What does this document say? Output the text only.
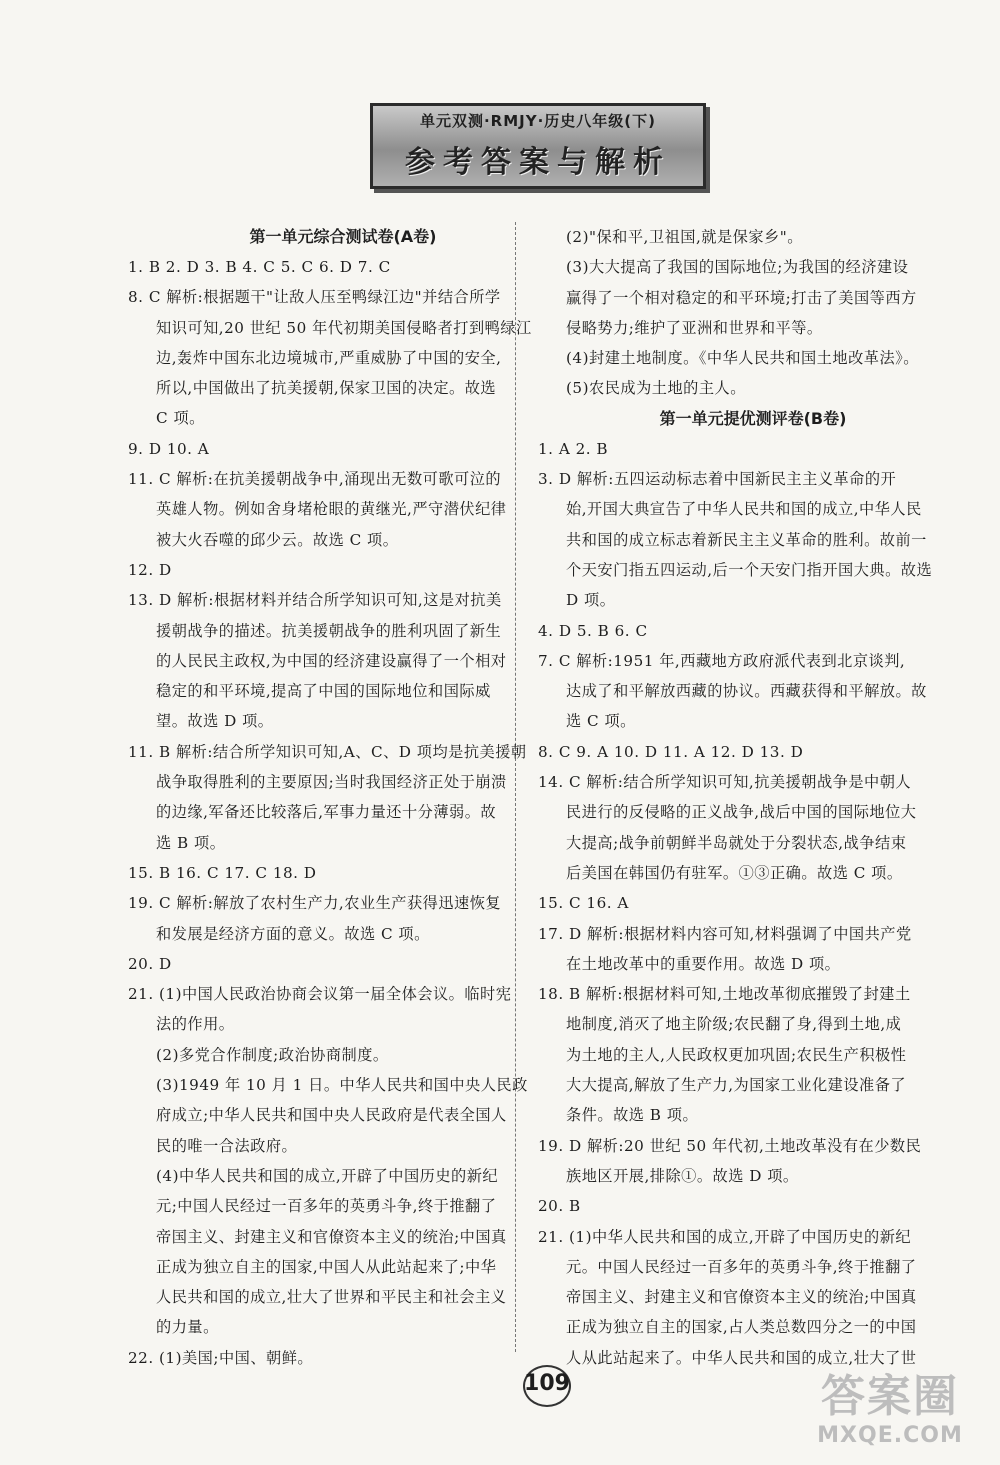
单元双测·RMJY·历史八年级(下)
参考答案与解析
第一单元综合测试卷(A卷)
1. B 2. D 3. B 4. C 5. C 6. D 7. C
8. C 解析:根据题干"让敌人压至鸭绿江边"并结合所学
知识可知,20 世纪 50 年代初期美国侵略者打到鸭绿江
边,轰炸中国东北边境城市,严重威胁了中国的安全,
所以,中国做出了抗美援朝,保家卫国的决定。故选
C 项。
9. D 10. A
11. C 解析:在抗美援朝战争中,涌现出无数可歌可泣的
英雄人物。例如舍身堵枪眼的黄继光,严守潜伏纪律
被大火吞噬的邱少云。故选 C 项。
12. D
13. D 解析:根据材料并结合所学知识可知,这是对抗美
援朝战争的描述。抗美援朝战争的胜利巩固了新生
的人民民主政权,为中国的经济建设赢得了一个相对
稳定的和平环境,提高了中国的国际地位和国际威
望。故选 D 项。
11. B 解析:结合所学知识可知,A、C、D 项均是抗美援朝
战争取得胜利的主要原因;当时我国经济正处于崩溃
的边缘,军备还比较落后,军事力量还十分薄弱。故
选 B 项。
15. B 16. C 17. C 18. D
19. C 解析:解放了农村生产力,农业生产获得迅速恢复
和发展是经济方面的意义。故选 C 项。
20. D
21. (1)中国人民政治协商会议第一届全体会议。临时宪
法的作用。
(2)多党合作制度;政治协商制度。
(3)1949 年 10 月 1 日。中华人民共和国中央人民政
府成立;中华人民共和国中央人民政府是代表全国人
民的唯一合法政府。
(4)中华人民共和国的成立,开辟了中国历史的新纪
元;中国人民经过一百多年的英勇斗争,终于推翻了
帝国主义、封建主义和官僚资本主义的统治;中国真
正成为独立自主的国家,中国人从此站起来了;中华
人民共和国的成立,壮大了世界和平民主和社会主义
的力量。
22. (1)美国;中国、朝鲜。
(2)"保和平,卫祖国,就是保家乡"。
(3)大大提高了我国的国际地位;为我国的经济建设
赢得了一个相对稳定的和平环境;打击了美国等西方
侵略势力;维护了亚洲和世界和平等。
(4)封建土地制度。《中华人民共和国土地改革法》。
(5)农民成为土地的主人。
第一单元提优测评卷(B卷)
1. A 2. B
3. D 解析:五四运动标志着中国新民主主义革命的开
始,开国大典宣告了中华人民共和国的成立,中华人民
共和国的成立标志着新民主主义革命的胜利。故前一
个天安门指五四运动,后一个天安门指开国大典。故选
D 项。
4. D 5. B 6. C
7. C 解析:1951 年,西藏地方政府派代表到北京谈判,
达成了和平解放西藏的协议。西藏获得和平解放。故
选 C 项。
8. C 9. A 10. D 11. A 12. D 13. D
14. C 解析:结合所学知识可知,抗美援朝战争是中朝人
民进行的反侵略的正义战争,战后中国的国际地位大
大提高;战争前朝鲜半岛就处于分裂状态,战争结束
后美国在韩国仍有驻军。①③正确。故选 C 项。
15. C 16. A
17. D 解析:根据材料内容可知,材料强调了中国共产党
在土地改革中的重要作用。故选 D 项。
18. B 解析:根据材料可知,土地改革彻底摧毁了封建土
地制度,消灭了地主阶级;农民翻了身,得到土地,成
为土地的主人,人民政权更加巩固;农民生产积极性
大大提高,解放了生产力,为国家工业化建设准备了
条件。故选 B 项。
19. D 解析:20 世纪 50 年代初,土地改革没有在少数民
族地区开展,排除①。故选 D 项。
20. B
21. (1)中华人民共和国的成立,开辟了中国历史的新纪
元。中国人民经过一百多年的英勇斗争,终于推翻了
帝国主义、封建主义和官僚资本主义的统治;中国真
正成为独立自主的国家,占人类总数四分之一的中国
人从此站起来了。中华人民共和国的成立,壮大了世
109	答案圈
MXQE.COM
